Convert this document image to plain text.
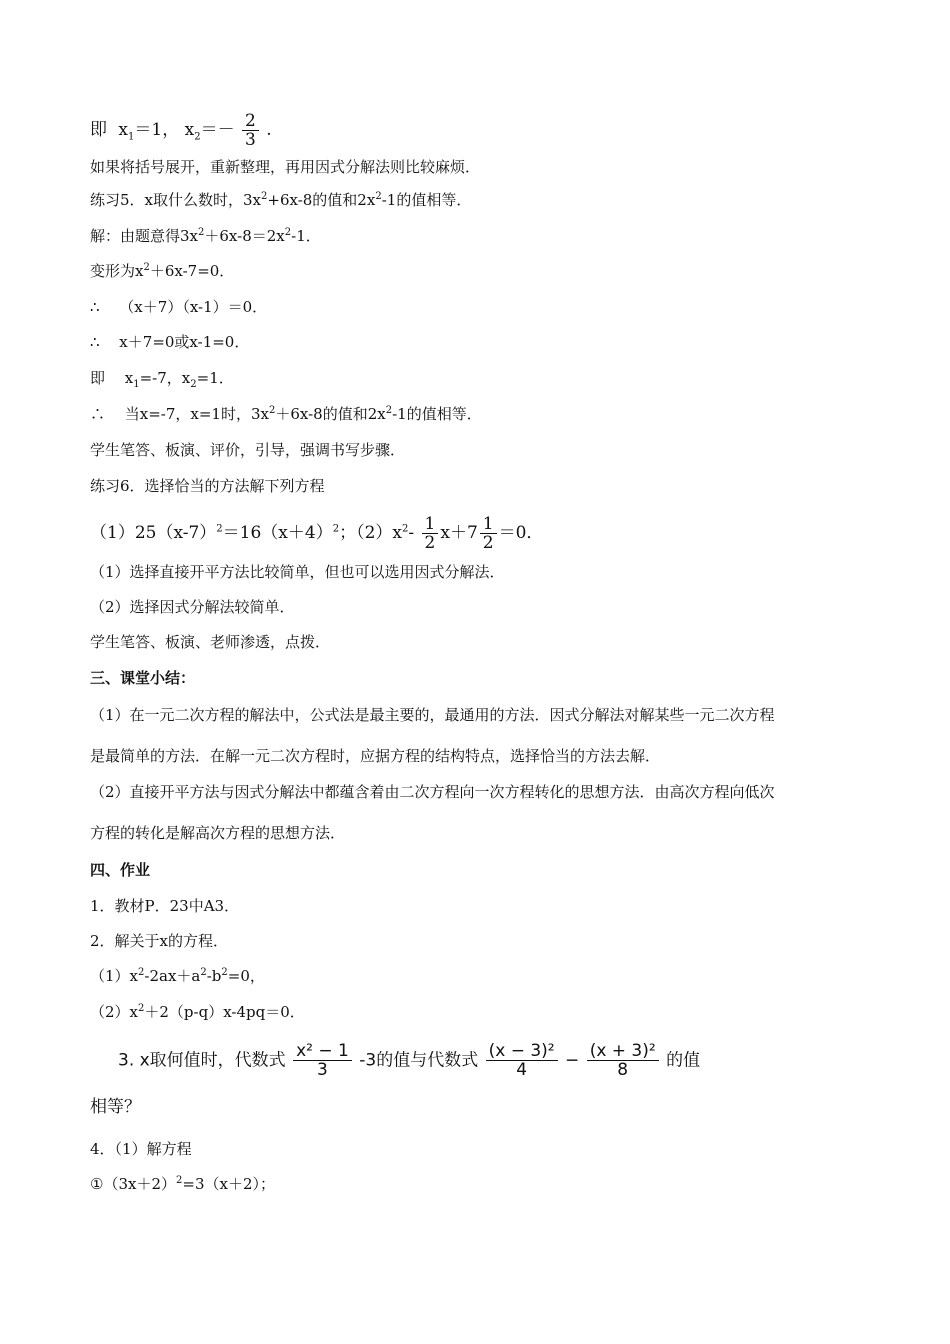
即 $x_1=1$， $x_2=- \frac{2}{3}$ .
如果将括号展开，重新整理，再用因式分解法则比较麻烦．
练习5．x取什么数时，$3x^2+6x-8$的值和$2x^2-1$的值相等．
解：由题意得$3x^2+6x-8=2x^2-1$．
变形为$x^2+6x-7=0$．
∴　 （x＋7）（x-1）＝0．
∴　 x＋7=0或x-1=0．
即　 $x_1=-7$，$x_2=1$．
∴　 当x=-7，x=1时，$3x^2+6x-8$的值和$2x^2-1$的值相等．
学生笔答、板演、评价，引导，强调书写步骤．
练习6．选择恰当的方法解下列方程
$(1)25(x-7)^2=16(x+4)^2$；$(2)x^2- \frac{1}{2} x+7 \frac{1}{2} =0$．
（1）选择直接开平方法比较简单，但也可以选用因式分解法．
（2）选择因式分解法较简单．
学生笔答、板演、老师渗透，点拨．
三、课堂小结：
（1）在一元二次方程的解法中，公式法是最主要的，最通用的方法．因式分解法对解某些一元二次方程
是最简单的方法．在解一元二次方程时，应据方程的结构特点，选择恰当的方法去解．
（2）直接开平方法与因式分解法中都蕴含着由二次方程向一次方程转化的思想方法．由高次方程向低次
方程的转化是解高次方程的思想方法．
四、作业
1．教材P．23中A3．
2．解关于x的方程．
$(1)x^2-2ax+a^2-b^2=0$，
$(2)x^2+2(p-q)x-4pq=0$．
3. x取何值时，代数式 $\frac{\text{x² − 1}}{3} -3$的值与代数式 $\frac{\text{(x − 3)²}}{4} - \frac{\text{(x + 3)²}}{8}$ 的值
相等？
4．（1）解方程
$①(3x+2)^2=3(x+2)$；
